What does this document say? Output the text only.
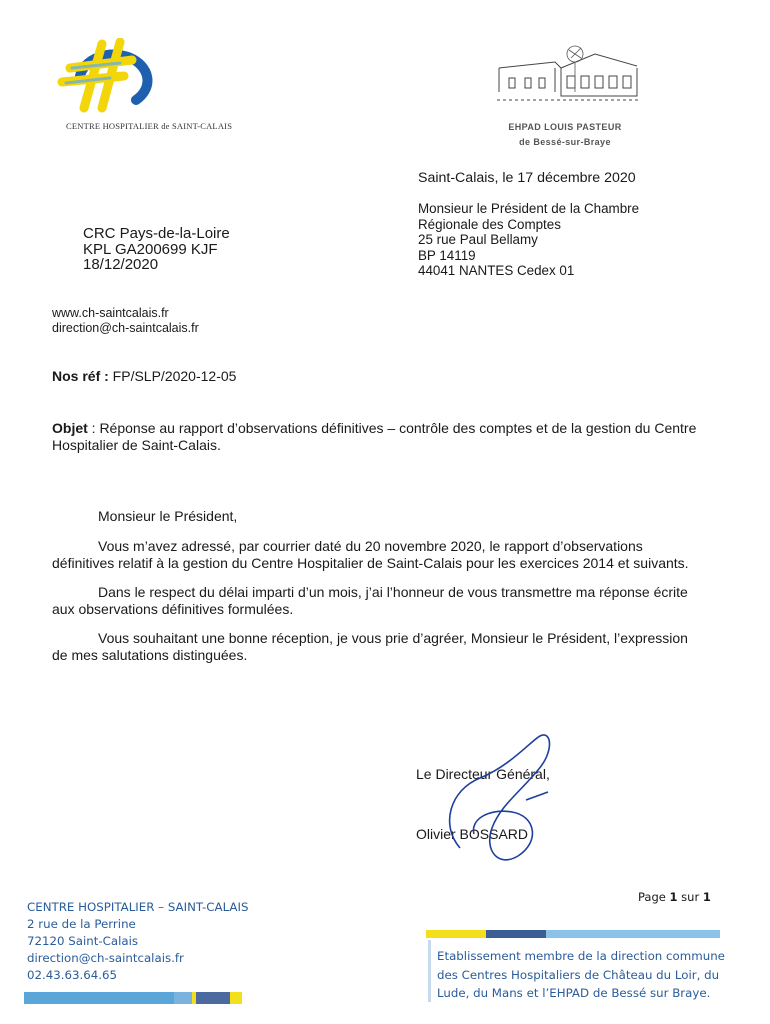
CENTRE HOSPITALIER de SAINT-CALAIS	EHPAD LOUIS PASTEUR
de Bessé-sur-Braye
Saint-Calais, le 17 décembre 2020
Monsieur le Président de la Chambre
Régionale des Comptes
25 rue Paul Bellamy
BP 14119
44041 NANTES Cedex 01
CRC Pays-de-la-Loire
KPL GA200699 KJF
18/12/2020
www.ch-saintcalais.fr
direction@ch-saintcalais.fr
Nos réf : FP/SLP/2020-12-05
Objet : Réponse au rapport d’observations définitives – contrôle des comptes et de la gestion du Centre
Hospitalier de Saint-Calais.
Monsieur le Président,
Vous m’avez adressé, par courrier daté du 20 novembre 2020, le rapport d’observations
définitives relatif à la gestion du Centre Hospitalier de Saint-Calais pour les exercices 2014 et suivants.
Dans le respect du délai imparti d’un mois, j’ai l’honneur de vous transmettre ma réponse écrite
aux observations définitives formulées.
Vous souhaitant une bonne réception, je vous prie d’agréer, Monsieur le Président, l’expression
de mes salutations distinguées.
Le Directeur Général,
Olivier BOSSARD
Page 1 sur 1
CENTRE HOSPITALIER – SAINT-CALAIS
2 rue de la Perrine
72120 Saint-Calais
direction@ch-saintcalais.fr
02.43.63.64.65
Etablissement membre de la direction commune
des Centres Hospitaliers de Château du Loir, du
Lude, du Mans et l’EHPAD de Bessé sur Braye.
